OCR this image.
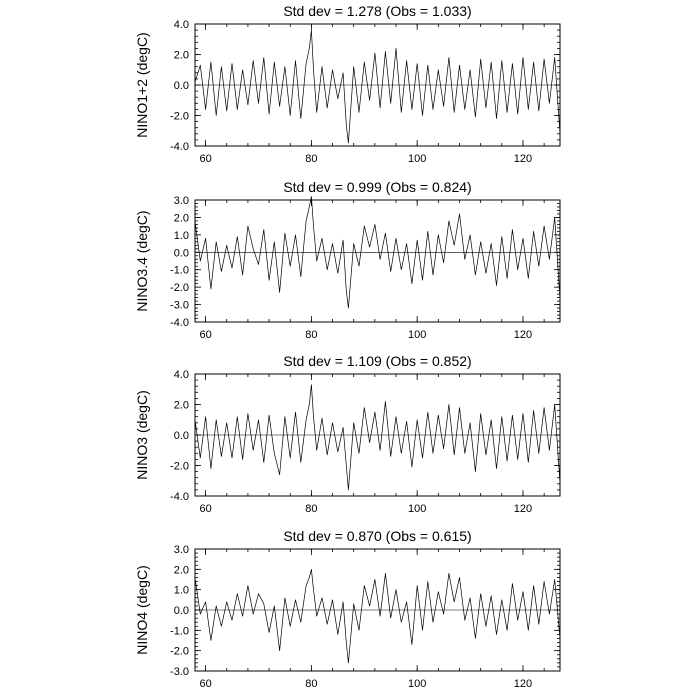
Std dev = 1.278 (Obs = 1.033)
NINO1+2 (degC)
-4.0
-2.0
0.0
2.0
4.0
60	80	100	120
Std dev = 0.999 (Obs = 0.824)
NINO3.4 (degC)
-4.0
-3.0
-2.0
-1.0
0.0
1.0
2.0
3.0
60	80	100	120
Std dev = 1.109 (Obs = 0.852)
NINO3 (degC)
-4.0
-2.0
0.0
2.0
4.0
60	80	100	120
Std dev = 0.870 (Obs = 0.615)
NINO4 (degC)
-3.0
-2.0
-1.0
0.0
1.0
2.0
3.0
60	80	100	120
